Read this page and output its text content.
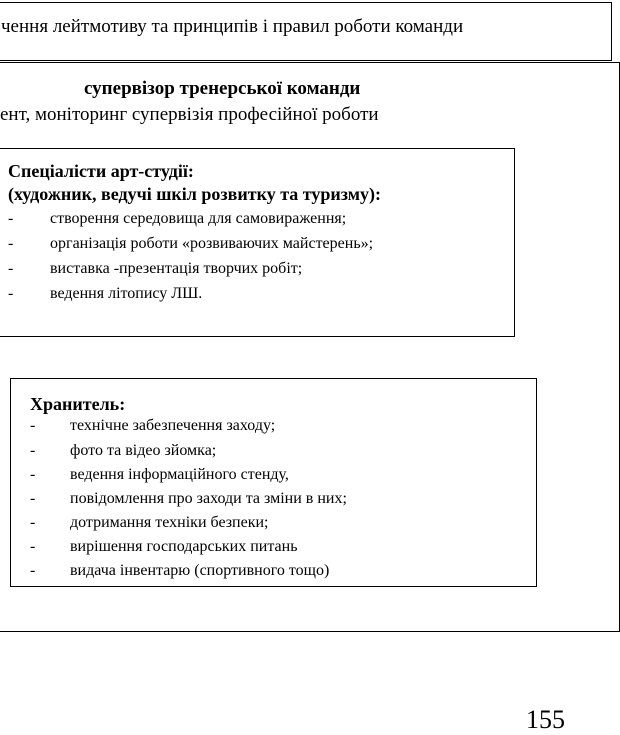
чення лейтмотиву та принципів і правил роботи команди
супервізор тренерської команди
ент, моніторинг супервізія професійної роботи
Спеціалісти арт-студії:
(художник, ведучі шкіл розвитку та туризму):
- створення середовища для самовираження;
- організація роботи «розвиваючих майстерень»;
- виставка -презентація творчих робіт;
- ведення літопису ЛШ.
Хранитель:
- технічне забезпечення заходу;
- фото та відео зйомка;
- ведення інформаційного стенду,
- повідомлення про заходи та зміни в них;
- дотримання техніки безпеки;
- вирішення господарських питань
- видача інвентарю (спортивного тощо)
155
